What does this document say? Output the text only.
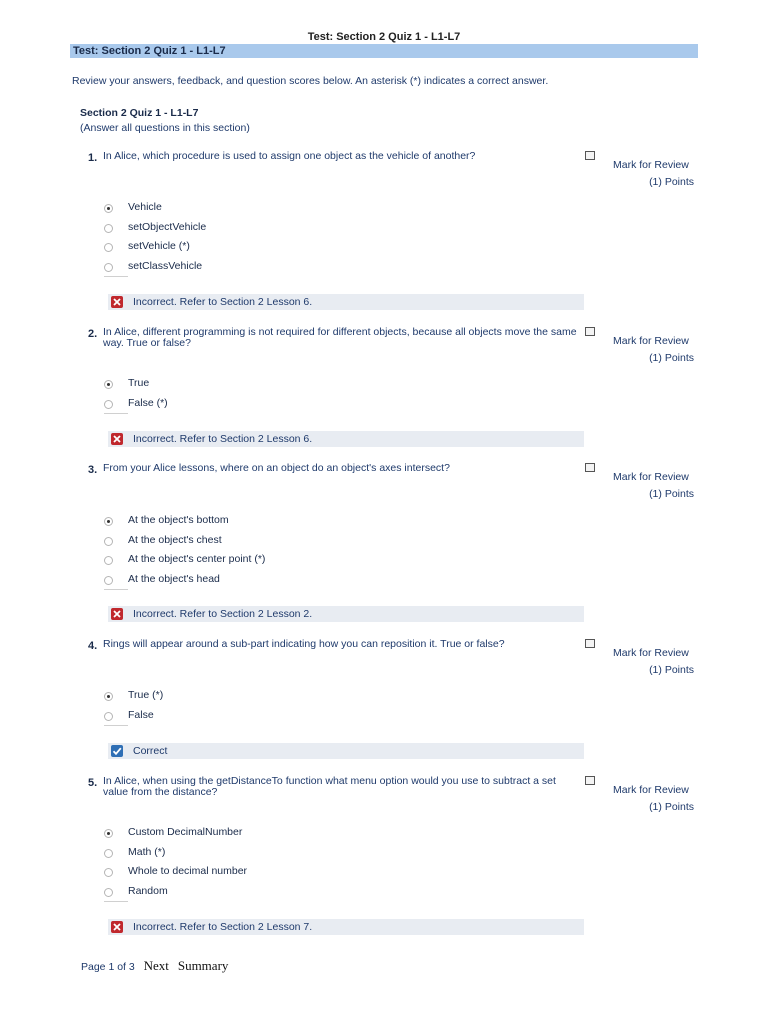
Test: Section 2 Quiz 1 - L1-L7
Test: Section 2 Quiz 1 - L1-L7
Review your answers, feedback, and question scores below. An asterisk (*) indicates a correct answer.
Section 2 Quiz 1 - L1-L7
(Answer all questions in this section)
1. In Alice, which procedure is used to assign one object as the vehicle of another?
Mark for Review
(1) Points
Vehicle
setObjectVehicle
setVehicle (*)
setClassVehicle
Incorrect. Refer to Section 2 Lesson 6.
2. In Alice, different programming is not required for different objects, because all objects move the same way. True or false?	Mark for Review
(1) Points
True
False (*)
Incorrect. Refer to Section 2 Lesson 6.
3. From your Alice lessons, where on an object do an object's axes intersect?
Mark for Review
(1) Points
At the object's bottom
At the object's chest
At the object's center point (*)
At the object's head
Incorrect. Refer to Section 2 Lesson 2.
4. Rings will appear around a sub-part indicating how you can reposition it. True or false?
Mark for Review
(1) Points
True (*)
False
Correct
5. In Alice, when using the getDistanceTo function what menu option would you use to subtract a set value from the distance?	Mark for Review
(1) Points
Custom DecimalNumber
Math (*)
Whole to decimal number
Random
Incorrect. Refer to Section 2 Lesson 7.
Page 1 of 3 Next Summary
